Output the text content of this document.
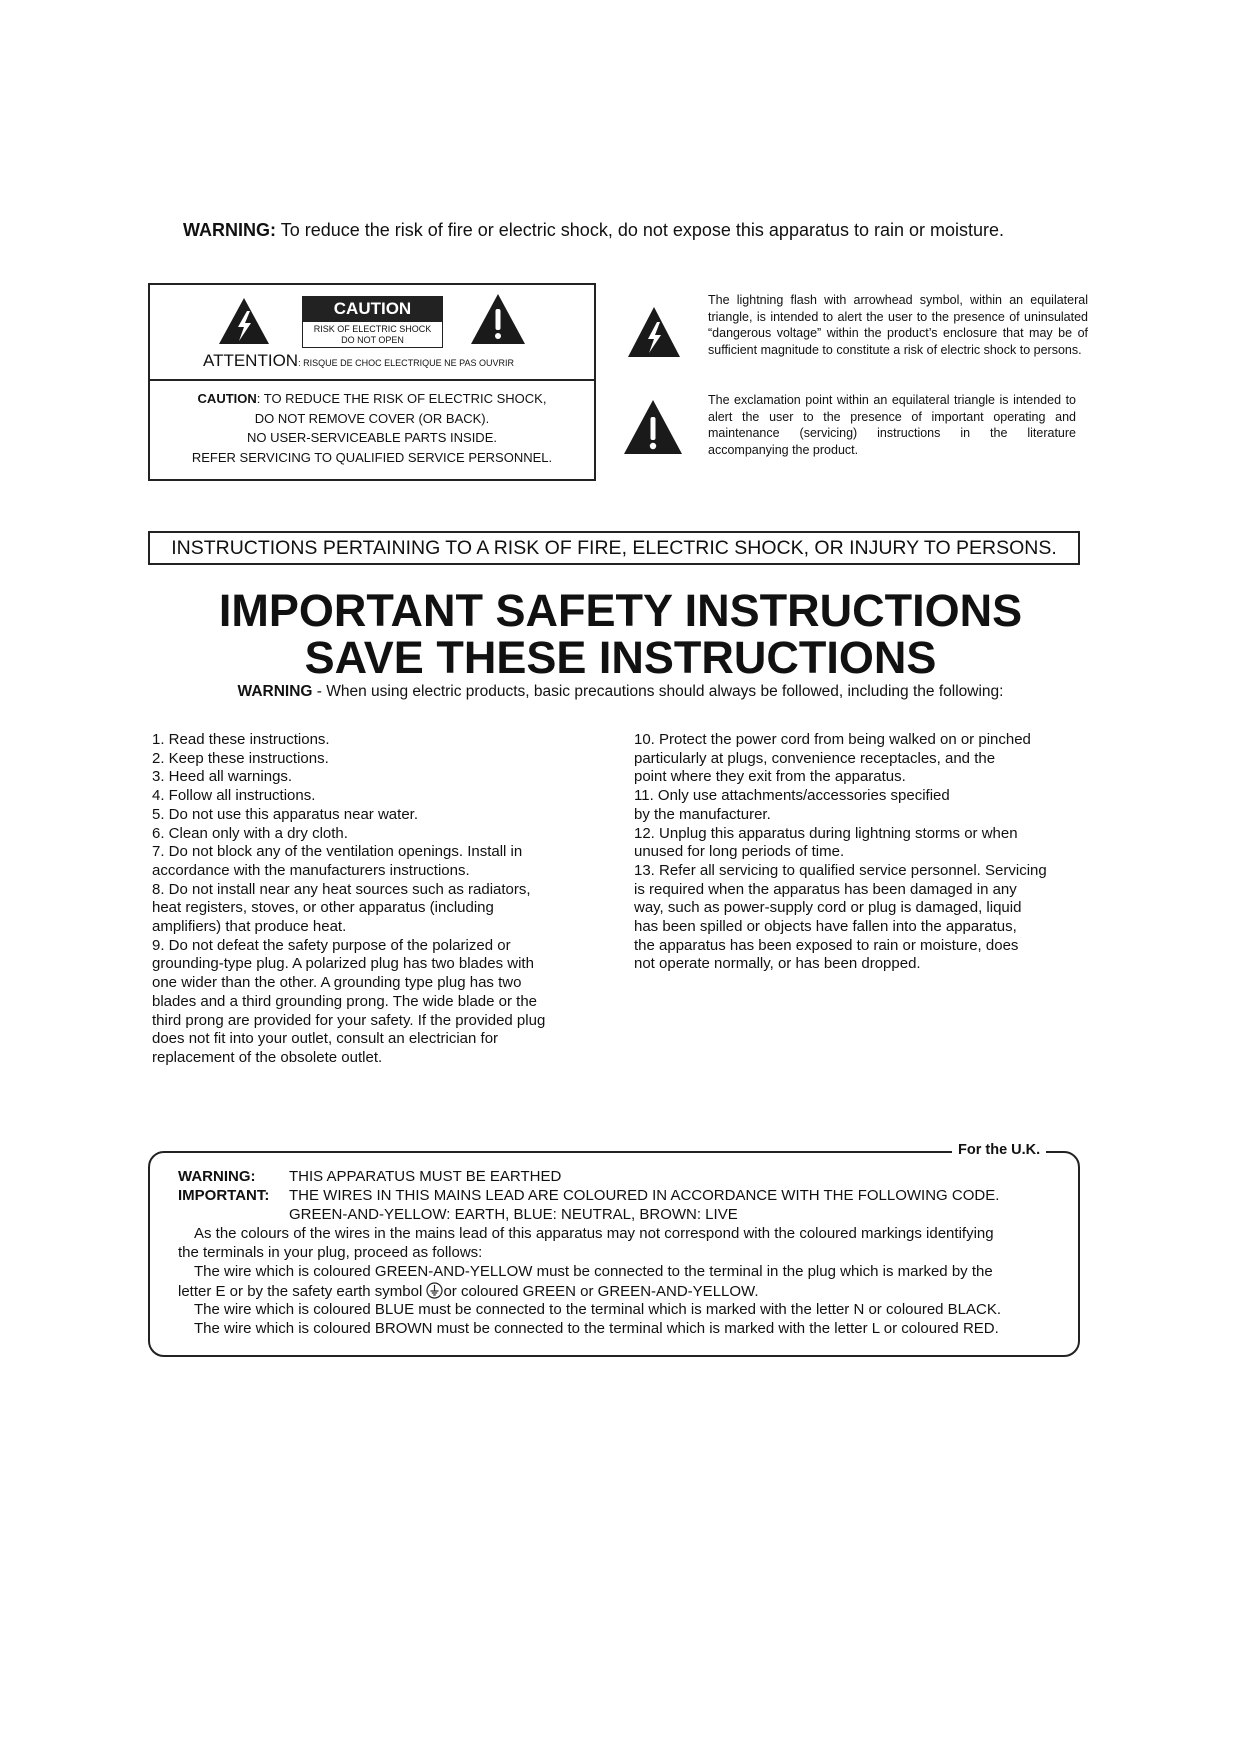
WARNING: To reduce the risk of fire or electric shock, do not expose this apparatus to rain or moisture.
CAUTION
RISK OF ELECTRIC SHOCK
DO NOT OPEN
ATTENTION: RISQUE DE CHOC ELECTRIQUE NE PAS OUVRIR
CAUTION: TO REDUCE THE RISK OF ELECTRIC SHOCK,
DO NOT REMOVE COVER (OR BACK).
NO USER-SERVICEABLE PARTS INSIDE.
REFER SERVICING TO QUALIFIED SERVICE PERSONNEL.
The lightning flash with arrowhead symbol, within an equilateral triangle, is intended to alert the user to the presence of uninsulated “dangerous voltage” within the product’s enclosure that may be of sufficient magnitude to constitute a risk of electric shock to persons.
The exclamation point within an equilateral triangle is intended to alert the user to the presence of important operating and maintenance (servicing) instructions in the literature accompanying the product.
INSTRUCTIONS PERTAINING TO A RISK OF FIRE, ELECTRIC SHOCK, OR INJURY TO PERSONS.
IMPORTANT SAFETY INSTRUCTIONS
SAVE THESE INSTRUCTIONS
WARNING - When using electric products, basic precautions should always be followed, including the following:
1. Read these instructions.
2. Keep these instructions.
3. Heed all warnings.
4. Follow all instructions.
5. Do not use this apparatus near water.
6. Clean only with a dry cloth.
7. Do not block any of the ventilation openings. Install in
accordance with the manufacturers instructions.
8. Do not install near any heat sources such as radiators,
heat registers, stoves, or other apparatus (including
amplifiers) that produce heat.
9. Do not defeat the safety purpose of the polarized or
grounding-type plug. A polarized plug has two blades with
one wider than the other. A grounding type plug has two
blades and a third grounding prong. The wide blade or the
third prong are provided for your safety. If the provided plug
does not fit into your outlet, consult an electrician for
replacement of the obsolete outlet.
10. Protect the power cord from being walked on or pinched
particularly at plugs, convenience receptacles, and the
point where they exit from the apparatus.
11. Only use attachments/accessories specified
by the manufacturer.
12. Unplug this apparatus during lightning storms or when
unused for long periods of time.
13. Refer all servicing to qualified service personnel. Servicing
is required when the apparatus has been damaged in any
way, such as power-supply cord or plug is damaged, liquid
has been spilled or objects have fallen into the apparatus,
the apparatus has been exposed to rain or moisture, does
not operate normally, or has been dropped.
For the U.K.
WARNING: THIS APPARATUS MUST BE EARTHED
IMPORTANT: THE WIRES IN THIS MAINS LEAD ARE COLOURED IN ACCORDANCE WITH THE FOLLOWING CODE.
GREEN-AND-YELLOW: EARTH, BLUE: NEUTRAL, BROWN: LIVE
As the colours of the wires in the mains lead of this apparatus may not correspond with the coloured markings identifying
the terminals in your plug, proceed as follows:
The wire which is coloured GREEN-AND-YELLOW must be connected to the terminal in the plug which is marked by the
letter E or by the safety earth symbol or coloured GREEN or GREEN-AND-YELLOW.
The wire which is coloured BLUE must be connected to the terminal which is marked with the letter N or coloured BLACK.
The wire which is coloured BROWN must be connected to the terminal which is marked with the letter L or coloured RED.
